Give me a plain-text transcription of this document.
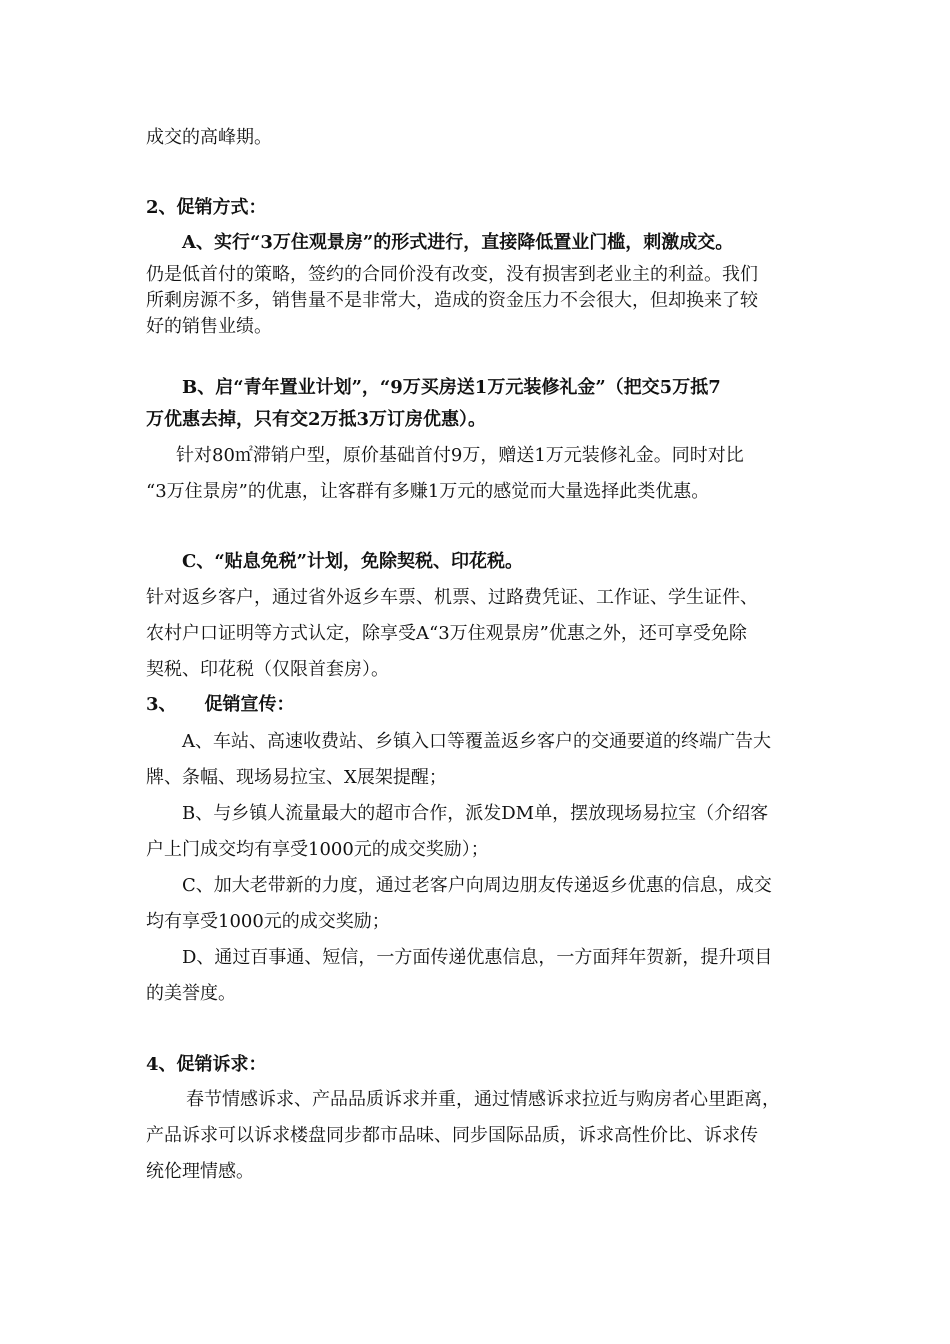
成交的高峰期。
2、促销方式：
A、实行“3万住观景房”的形式进行，直接降低置业门槛，刺激成交。
仍是低首付的策略，签约的合同价没有改变，没有损害到老业主的利益。我们
所剩房源不多，销售量不是非常大，造成的资金压力不会很大，但却换来了较
好的销售业绩。
B、启“青年置业计划”，“9万买房送1万元装修礼金”（把交5万抵7
万优惠去掉，只有交2万抵3万订房优惠）。
针对80㎡滞销户型，原价基础首付9万，赠送1万元装修礼金。同时对比
“3万住景房”的优惠，让客群有多赚1万元的感觉而大量选择此类优惠。
C、“贴息免税”计划，免除契税、印花税。
针对返乡客户，通过省外返乡车票、机票、过路费凭证、工作证、学生证件、
农村户口证明等方式认定，除享受A“3万住观景房”优惠之外，还可享受免除
契税、印花税（仅限首套房）。
3、 促销宣传：
A、车站、高速收费站、乡镇入口等覆盖返乡客户的交通要道的终端广告大
牌、条幅、现场易拉宝、X展架提醒；
B、与乡镇人流量最大的超市合作，派发DM单，摆放现场易拉宝（介绍客
户上门成交均有享受1000元的成交奖励）；
C、加大老带新的力度，通过老客户向周边朋友传递返乡优惠的信息，成交
均有享受1000元的成交奖励；
D、通过百事通、短信，一方面传递优惠信息，一方面拜年贺新，提升项目
的美誉度。
4、促销诉求：
春节情感诉求、产品品质诉求并重，通过情感诉求拉近与购房者心里距离，
产品诉求可以诉求楼盘同步都市品味、同步国际品质，诉求高性价比、诉求传
统伦理情感。
